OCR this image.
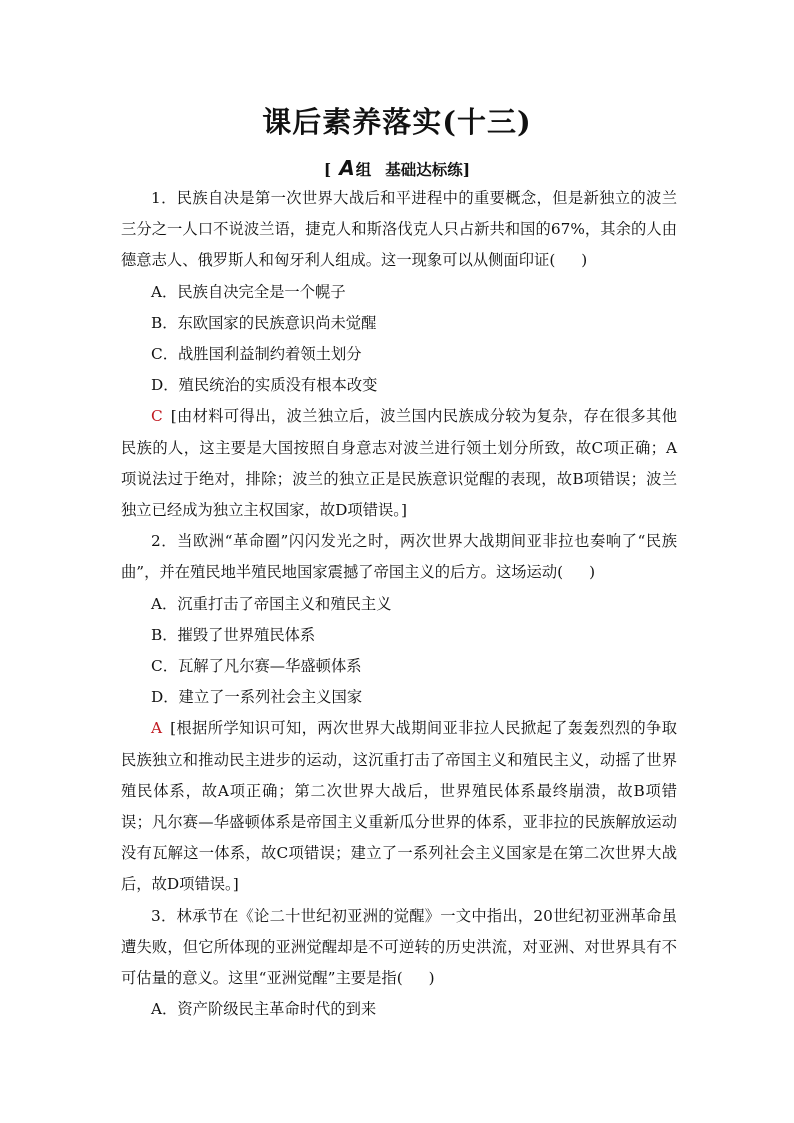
课后素养落实(十三)
[ A组 基础达标练]
1．民族自决是第一次世界大战后和平进程中的重要概念，但是新独立的波兰三分之一人口不说波兰语，捷克人和斯洛伐克人只占新共和国的67%，其余的人由德意志人、俄罗斯人和匈牙利人组成。这一现象可以从侧面印证( )
A．民族自决完全是一个幌子
B．东欧国家的民族意识尚未觉醒
C．战胜国利益制约着领土划分
D．殖民统治的实质没有根本改变
C [由材料可得出，波兰独立后，波兰国内民族成分较为复杂，存在很多其他民族的人，这主要是大国按照自身意志对波兰进行领土划分所致，故C项正确；A项说法过于绝对，排除；波兰的独立正是民族意识觉醒的表现，故B项错误；波兰独立已经成为独立主权国家，故D项错误。]
2．当欧洲“革命圈”闪闪发光之时，两次世界大战期间亚非拉也奏响了“民族曲”，并在殖民地半殖民地国家震撼了帝国主义的后方。这场运动( )
A．沉重打击了帝国主义和殖民主义
B．摧毁了世界殖民体系
C．瓦解了凡尔赛—华盛顿体系
D．建立了一系列社会主义国家
A [根据所学知识可知，两次世界大战期间亚非拉人民掀起了轰轰烈烈的争取民族独立和推动民主进步的运动，这沉重打击了帝国主义和殖民主义，动摇了世界殖民体系，故A项正确；第二次世界大战后，世界殖民体系最终崩溃，故B项错误；凡尔赛—华盛顿体系是帝国主义重新瓜分世界的体系，亚非拉的民族解放运动没有瓦解这一体系，故C项错误；建立了一系列社会主义国家是在第二次世界大战后，故D项错误。]
3．林承节在《论二十世纪初亚洲的觉醒》一文中指出，20世纪初亚洲革命虽遭失败，但它所体现的亚洲觉醒却是不可逆转的历史洪流，对亚洲、对世界具有不可估量的意义。这里“亚洲觉醒”主要是指( )
A．资产阶级民主革命时代的到来
